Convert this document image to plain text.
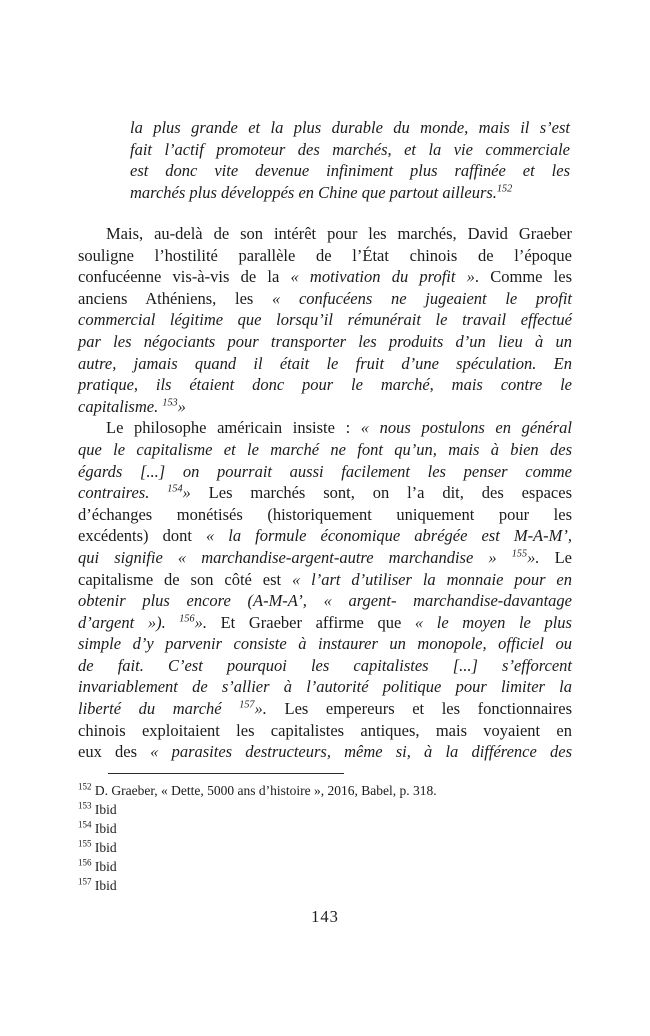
la plus grande et la plus durable du monde, mais il s’est
fait l’actif promoteur des marchés, et la vie commerciale
est donc vite devenue infiniment plus raffinée et les
marchés plus développés en Chine que partout ailleurs.$^{152}$
Mais, au-delà de son intérêt pour les marchés, David Graeber
souligne l’hostilité parallèle de l’État chinois de l’époque
confucéenne vis-à-vis de la « motivation du profit ». Comme les
anciens Athéniens, les « confucéens ne jugeaient le profit
commercial légitime que lorsqu’il rémunérait le travail effectué
par les négociants pour transporter les produits d’un lieu à un
autre, jamais quand il était le fruit d’une spéculation. En
pratique, ils étaient donc pour le marché, mais contre le
capitalisme. $^{153}$»
Le philosophe américain insiste : « nous postulons en général
que le capitalisme et le marché ne font qu’un, mais à bien des
égards [...] on pourrait aussi facilement les penser comme
contraires. $^{154}$» Les marchés sont, on l’a dit, des espaces
d’échanges monétisés (historiquement uniquement pour les
excédents) dont « la formule économique abrégée est M-A-M’,
qui signifie « marchandise-argent-autre marchandise » $^{155}$». Le
capitalisme de son côté est « l’art d’utiliser la monnaie pour en
obtenir plus encore (A-M-A’, « argent- marchandise-davantage
d’argent »). $^{156}$». Et Graeber affirme que « le moyen le plus
simple d’y parvenir consiste à instaurer un monopole, officiel ou
de fait. C’est pourquoi les capitalistes [...] s’efforcent
invariablement de s’allier à l’autorité politique pour limiter la
liberté du marché $^{157}$». Les empereurs et les fonctionnaires
chinois exploitaient les capitalistes antiques, mais voyaient en
eux des « parasites destructeurs, même si, à la différence des
$^{152}$ D. Graeber, « Dette, 5000 ans d’histoire », 2016, Babel, p. 318.
$^{153}$ Ibid
$^{154}$ Ibid
$^{155}$ Ibid
$^{156}$ Ibid
$^{157}$ Ibid
143
